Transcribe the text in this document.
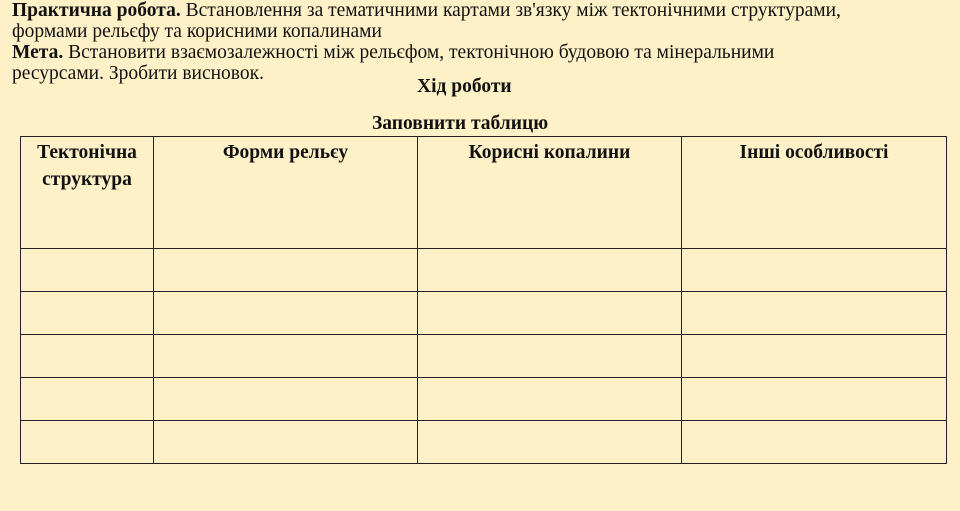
Практична робота. Встановлення за тематичними картами зв'язку між тектонічними структурами,
формами рельєфу та корисними копалинами

Мета. Встановити взаємозалежності між рельєфом, тектонічною будовою та мінеральними
ресурсами. Зробити висновок.

Хід роботи

Заповнити таблицю

Тектонічна структура	Форми рельєу	Корисні копалини	Інші особливості
